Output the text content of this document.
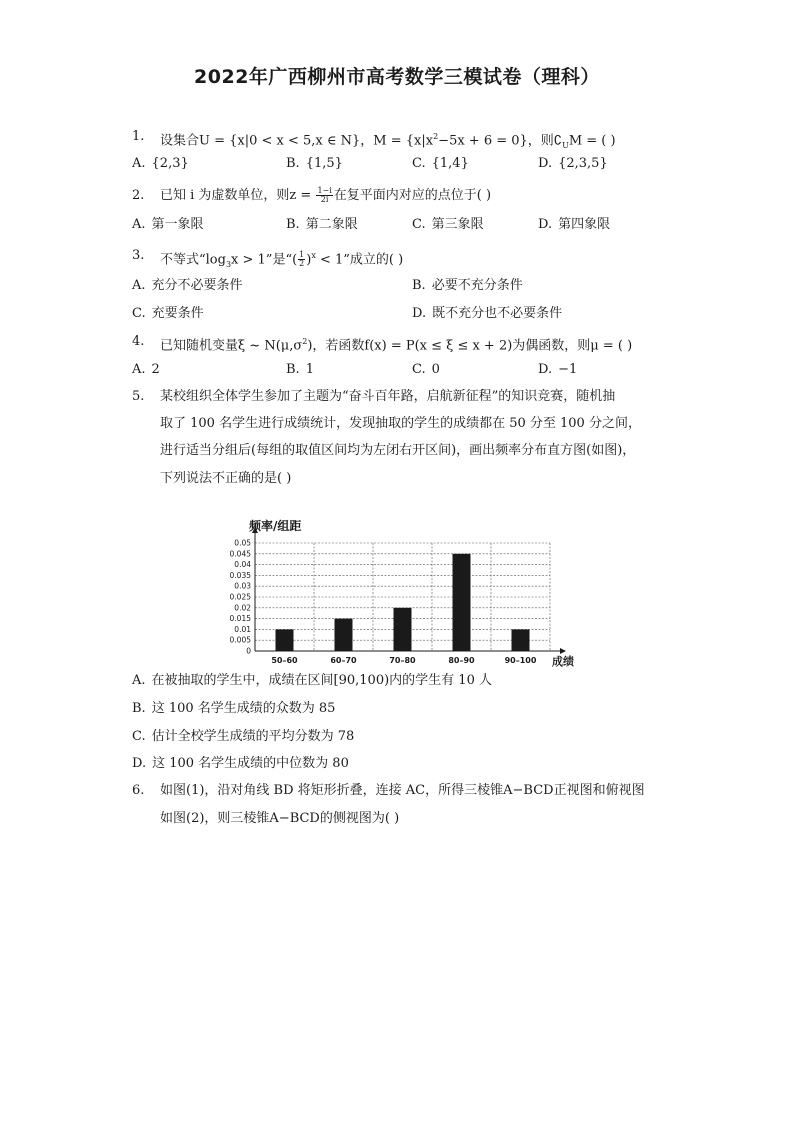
2022年广西柳州市高考数学三模试卷（理科）
1. 设集合U = {x|0 < x < 5,x ∈ N}，$M = \{x|x^2-5x + 6 = 0\}$，则$∁_UM$ = ( )
A. {2,3}	B. {1,5}	C. {1,4}	D. {2,3,5}
2. 已知 i 为虚数单位，则$z = \frac{1-i}{2i}$ 在复平面内对应的点位于( )
A. 第一象限	B. 第二象限	C. 第三象限	D. 第四象限
3. 不等式“$\log_3x > 1$”是“( $\frac{1}{2} )^x < 1$”成立的( )
A. 充分不必要条件	B. 必要不充分条件
C. 充要条件	D. 既不充分也不必要条件
4. 已知随机变量ξ ~ $N(\mu,\sigma^2)$，若函数f(x) = P(x ≤ ξ ≤ x + 2)为偶函数，则μ = ( )
A. 2	B. 1	C. 0	D. −1
5. 某校组织全体学生参加了主题为“奋斗百年路，启航新征程”的知识竞赛，随机抽
取了 100 名学生进行成绩统计，发现抽取的学生的成绩都在 50 分至 100 分之间，
进行适当分组后(每组的取值区间均为左闭右开区间)，画出频率分布直方图(如图)，
下列说法不正确的是( )
0
0.005
0.01
0.015
0.02
0.025
0.03
0.035
0.04
0.045
0.05
50–60	60–70	70–80	80–90	90–100
频率/组距
成绩
A. 在被抽取的学生中，成绩在区间[90,100)内的学生有 10 人
B. 这 100 名学生成绩的众数为 85
C. 估计全校学生成绩的平均分数为 78
D. 这 100 名学生成绩的中位数为 80
6. 如图(1)，沿对角线 BD 将矩形折叠，连接 AC，所得三棱锥A−BCD正视图和俯视图
如图(2)，则三棱锥A−BCD的侧视图为( )
